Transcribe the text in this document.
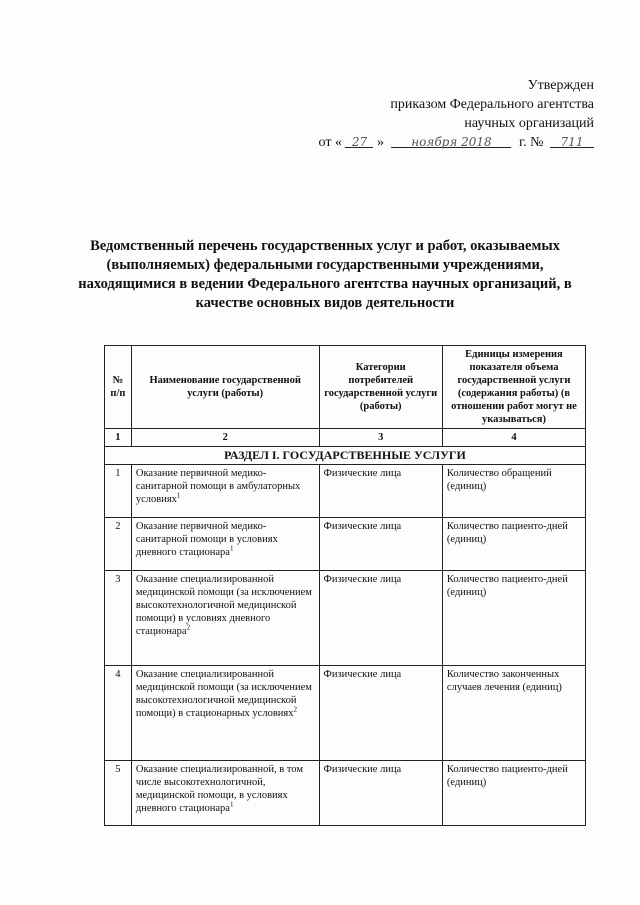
Утвержден
приказом Федерального агентства
научных организаций
от « 27 » ноября 2018 г. № 711
Ведомственный перечень государственных услуг и работ, оказываемых (выполняемых) федеральными государственными учреждениями, находящимися в ведении Федерального агентства научных организаций, в качестве основных видов деятельности
№ п/п	Наименование государственной услуги (работы)	Категории потребителей государственной услуги (работы)	Единицы измерения показателя объема государственной услуги (содержания работы) (в отношении работ могут не указываться)
1	2	3	4
РАЗДЕЛ I. ГОСУДАРСТВЕННЫЕ УСЛУГИ			
1	Оказание первичной медико-санитарной помощи в амбулаторных условиях$^1$	Физические лица	Количество обращений (единиц)
2	Оказание первичной медико-санитарной помощи в условиях дневного стационара$^1$	Физические лица	Количество пациенто-дней (единиц)
3	Оказание специализированной медицинской помощи (за исключением высокотехнологичной медицинской помощи) в условиях дневного стационара$^2$	Физические лица	Количество пациенто-дней (единиц)
4	Оказание специализированной медицинской помощи (за исключением высокотехнологичной медицинской помощи) в стационарных условиях$^2$	Физические лица	Количество законченных случаев лечения (единиц)
5	Оказание специализированной, в том числе высокотехнологичной, медицинской помощи, в условиях дневного стационара$^1$	Физические лица	Количество пациенто-дней (единиц)
